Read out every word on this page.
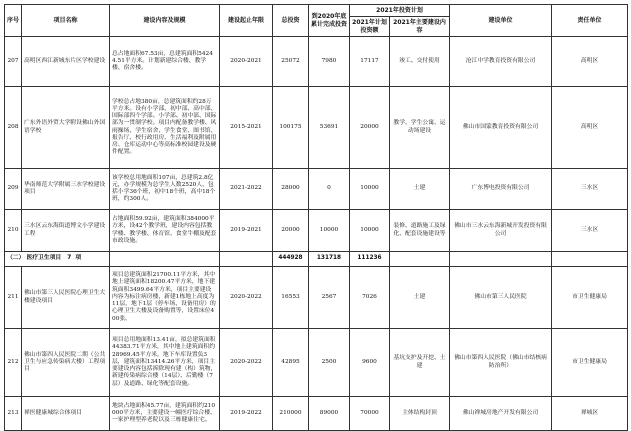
序号	项目名称	建设内容及规模	建设起止年限	总投资	到2020年底累计完成投资	2021年投资计划		建设单位	责任单位
						2021年计划投资额	2021年主要建设内容		
207	高明区西江新城东片区学校建设	总占地面积67.53亩，总建筑面积54244.51平方米。计划新建综合楼、教学楼、宿舍楼。	2020-2021	25072	7980	17117	竣工、交付使用	沧江中学教育投资有限公司	高明区
208	广东外语外贸大学附设佛山外国语学校	学校总占地380亩，总建筑面积约28万平方米。设有小学部、初中部、高中部、国际部四个学部。小学部、初中部、国际部为一贯制学校。项目内配备教学楼、风雨操场、学生宿舍、学生食堂、图书馆、报告厅、校行政用房、生活福利及附属用房、仓库运动中心等高标准校园建设及硬件配置。	2015-2021	100175	53691	20000	教学、学生公寓、运动场建设	佛山市国蒙教育投资有限公司	高明区
209	华南师范大学附属三水学校建设项目	该学校总用地面积107亩，总建筑2.8亿元，办学规模为总学生人数2520人，包括小学36个班，初中18个班，高中18个班，约300人。	2021-2022	28000	0	10000	土建	广东博电投资有限公司	三水区
210	三水区云东海街道博文小学建设工程	占地面积59.92亩，建筑面积384000平方米，设42个教学班，建设内容包括教学楼、教学楼、体育馆、食堂牛棚及配套市政设施。	2019-2021	20000	10000	10000	装修、道路施工及绿化、配套设施建设等	佛山市三水云东海新城开发投资有限公司	三水区
（二） 医疗卫生项目 7 项				444928	131718	111236			
211	佛山市第三人民医院心理卫生大楼建设项目	项目总建筑面积21700.11平方米，其中地上建筑面积18200.47平方米，地下建筑面积3499.64平方米，项目主要建设内容为标注病房楼，新建1栋地上高度为11层，地下1层（停车场、设备用房）的心理卫生大楼及设备购置等，设置床位400张。	2020-2022	16553	2567	7026	土建	佛山市第三人民医院	市卫生健康局
212	佛山市第四人民医院二期（公共卫生与应急传染病大楼）工程项目	项目总用地面积13.41亩，拟总建筑面积44383.71平方米，其中地上建筑面积约28969.45平方米，地下车库设置负3层，建筑面积13414.26平方米，项目主要建设内容包括拆除现有建（构）筑物，新建传染病综合楼（14层）、后勤楼（7层）及道路、绿化等配套设施。	2020-2022	42895	2500	9600	基坑支护及开挖、土建	佛山市第四人民医院（佛山市结核病防治所）	市卫生健康局
213	禅医健康城综合体项目	地块占地面积45.77亩，建筑面积约210000平方米，主要建设一幢医疗综合楼、一家护理型养老院以及三栋健康住宅。	2019-2022	210000	89000	70000	主体结构封顶	佛山禅城房地产开发有限公司	禅城区
